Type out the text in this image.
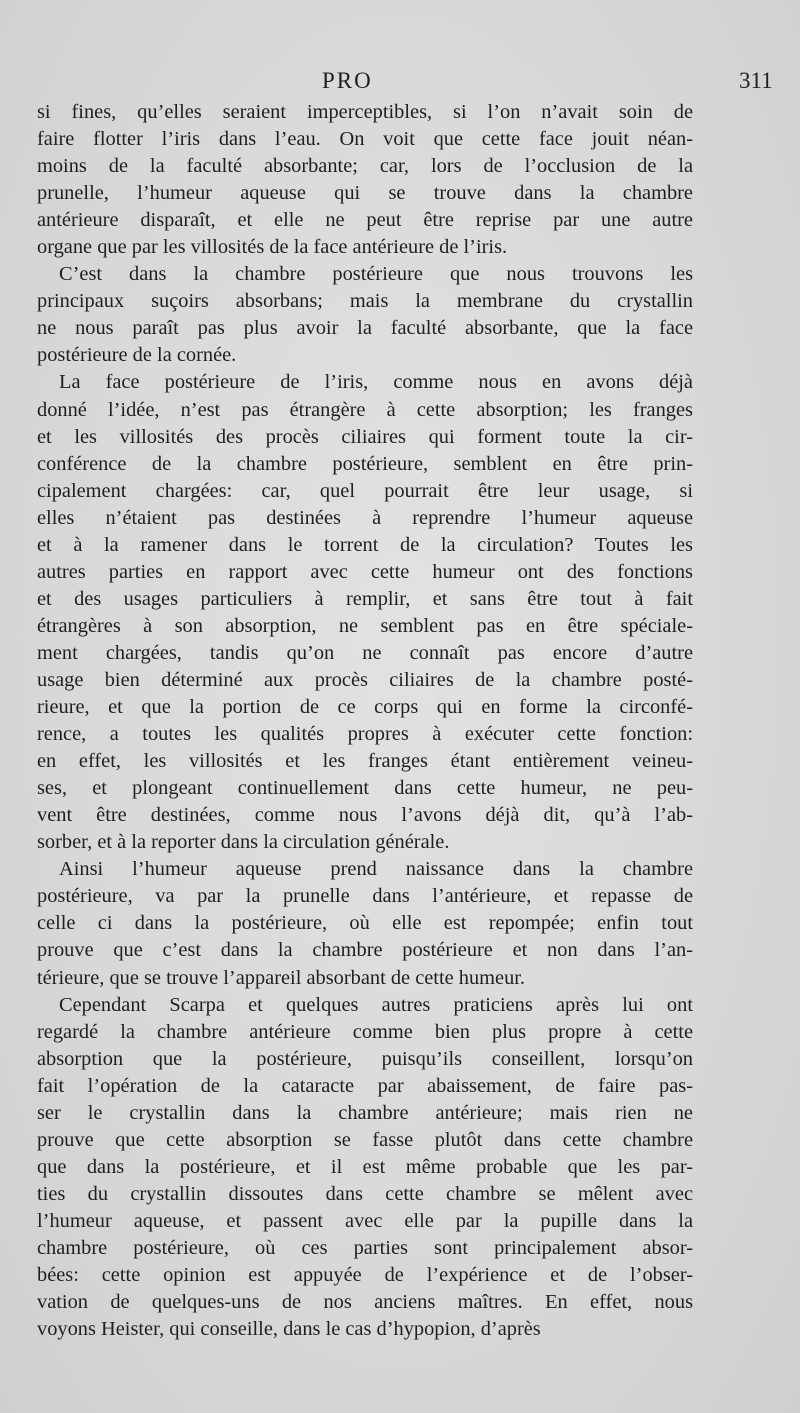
PRO	311
si fines, qu’elles seraient imperceptibles, si l’on n’avait soin de
faire flotter l’iris dans l’eau. On voit que cette face jouit néan-
moins de la faculté absorbante; car, lors de l’occlusion de la
prunelle, l’humeur aqueuse qui se trouve dans la chambre
antérieure disparaît, et elle ne peut être reprise par une autre
organe que par les villosités de la face antérieure de l’iris.
C’est dans la chambre postérieure que nous trouvons les
principaux suçoirs absorbans; mais la membrane du crystallin
ne nous paraît pas plus avoir la faculté absorbante, que la face
postérieure de la cornée.
La face postérieure de l’iris, comme nous en avons déjà
donné l’idée, n’est pas étrangère à cette absorption; les franges
et les villosités des procès ciliaires qui forment toute la cir-
conférence de la chambre postérieure, semblent en être prin-
cipalement chargées: car, quel pourrait être leur usage, si
elles n’étaient pas destinées à reprendre l’humeur aqueuse
et à la ramener dans le torrent de la circulation? Toutes les
autres parties en rapport avec cette humeur ont des fonctions
et des usages particuliers à remplir, et sans être tout à fait
étrangères à son absorption, ne semblent pas en être spéciale-
ment chargées, tandis qu’on ne connaît pas encore d’autre
usage bien déterminé aux procès ciliaires de la chambre posté-
rieure, et que la portion de ce corps qui en forme la circonfé-
rence, a toutes les qualités propres à exécuter cette fonction:
en effet, les villosités et les franges étant entièrement veineu-
ses, et plongeant continuellement dans cette humeur, ne peu-
vent être destinées, comme nous l’avons déjà dit, qu’à l’ab-
sorber, et à la reporter dans la circulation générale.
Ainsi l’humeur aqueuse prend naissance dans la chambre
postérieure, va par la prunelle dans l’antérieure, et repasse de
celle ci dans la postérieure, où elle est repompée; enfin tout
prouve que c’est dans la chambre postérieure et non dans l’an-
térieure, que se trouve l’appareil absorbant de cette humeur.
Cependant Scarpa et quelques autres praticiens après lui ont
regardé la chambre antérieure comme bien plus propre à cette
absorption que la postérieure, puisqu’ils conseillent, lorsqu’on
fait l’opération de la cataracte par abaissement, de faire pas-
ser le crystallin dans la chambre antérieure; mais rien ne
prouve que cette absorption se fasse plutôt dans cette chambre
que dans la postérieure, et il est même probable que les par-
ties du crystallin dissoutes dans cette chambre se mêlent avec
l’humeur aqueuse, et passent avec elle par la pupille dans la
chambre postérieure, où ces parties sont principalement absor-
bées: cette opinion est appuyée de l’expérience et de l’obser-
vation de quelques-uns de nos anciens maîtres. En effet, nous
voyons Heister, qui conseille, dans le cas d’hypopion, d’après
